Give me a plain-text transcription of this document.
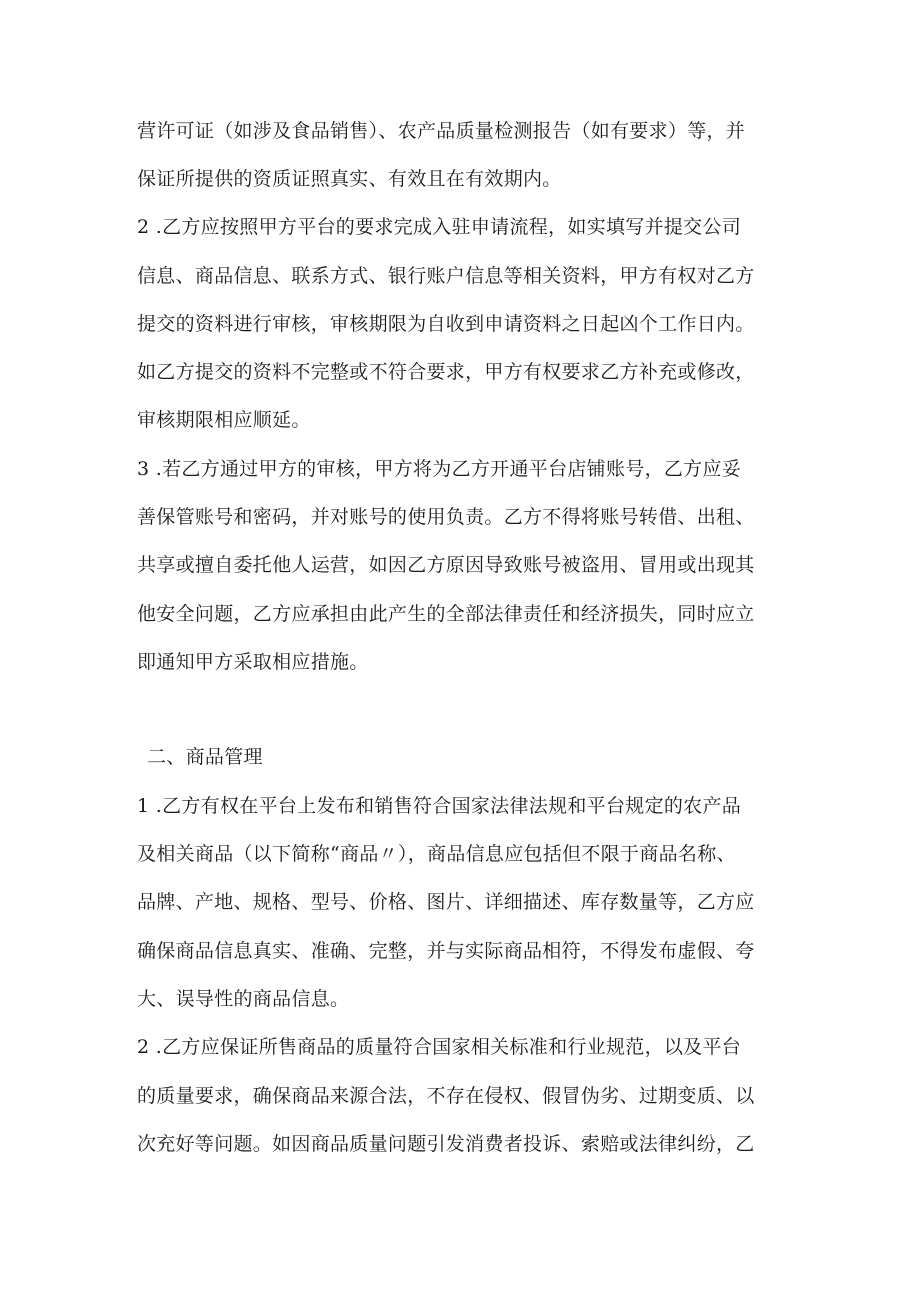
营许可证（如涉及食品销售）、农产品质量检测报告（如有要求）等，并
保证所提供的资质证照真实、有效且在有效期内。
2 .乙方应按照甲方平台的要求完成入驻申请流程，如实填写并提交公司
信息、商品信息、联系方式、银行账户信息等相关资料，甲方有权对乙方
提交的资料进行审核，审核期限为自收到申请资料之日起凶个工作日内。
如乙方提交的资料不完整或不符合要求，甲方有权要求乙方补充或修改，
审核期限相应顺延。
3 .若乙方通过甲方的审核，甲方将为乙方开通平台店铺账号，乙方应妥
善保管账号和密码，并对账号的使用负责。乙方不得将账号转借、出租、
共享或擅自委托他人运营，如因乙方原因导致账号被盗用、冒用或出现其
他安全问题，乙方应承担由此产生的全部法律责任和经济损失，同时应立
即通知甲方采取相应措施。
二、商品管理
1 .乙方有权在平台上发布和销售符合国家法律法规和平台规定的农产品
及相关商品（以下简称“商品〃），商品信息应包括但不限于商品名称、
品牌、产地、规格、型号、价格、图片、详细描述、库存数量等，乙方应
确保商品信息真实、准确、完整，并与实际商品相符，不得发布虚假、夸
大、误导性的商品信息。
2 .乙方应保证所售商品的质量符合国家相关标准和行业规范，以及平台
的质量要求，确保商品来源合法，不存在侵权、假冒伪劣、过期变质、以
次充好等问题。如因商品质量问题引发消费者投诉、索赔或法律纠纷，乙
